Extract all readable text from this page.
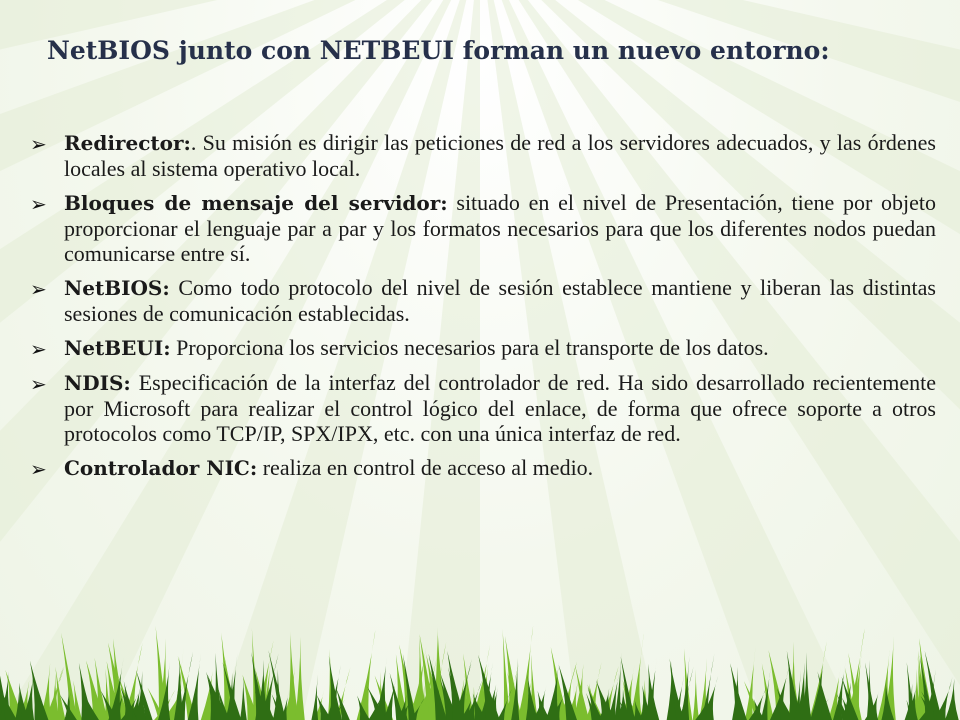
NetBIOS junto con NETBEUI forman un nuevo entorno:
➢ Redirector:. Su misión es dirigir las peticiones de red a los servidores adecuados, y las órdenes locales al sistema operativo local.
➢ Bloques de mensaje del servidor: situado en el nivel de Presentación, tiene por objeto proporcionar el lenguaje par a par y los formatos necesarios para que los diferentes nodos puedan comunicarse entre sí.
➢ NetBIOS: Como todo protocolo del nivel de sesión establece mantiene y liberan las distintas sesiones de comunicación establecidas.
➢ NetBEUI: Proporciona los servicios necesarios para el transporte de los datos.
➢ NDIS: Especificación de la interfaz del controlador de red. Ha sido desarrollado recientemente por Microsoft para realizar el control lógico del enlace, de forma que ofrece soporte a otros protocolos como TCP/IP, SPX/IPX, etc. con una única interfaz de red.
➢ Controlador NIC: realiza en control de acceso al medio.
